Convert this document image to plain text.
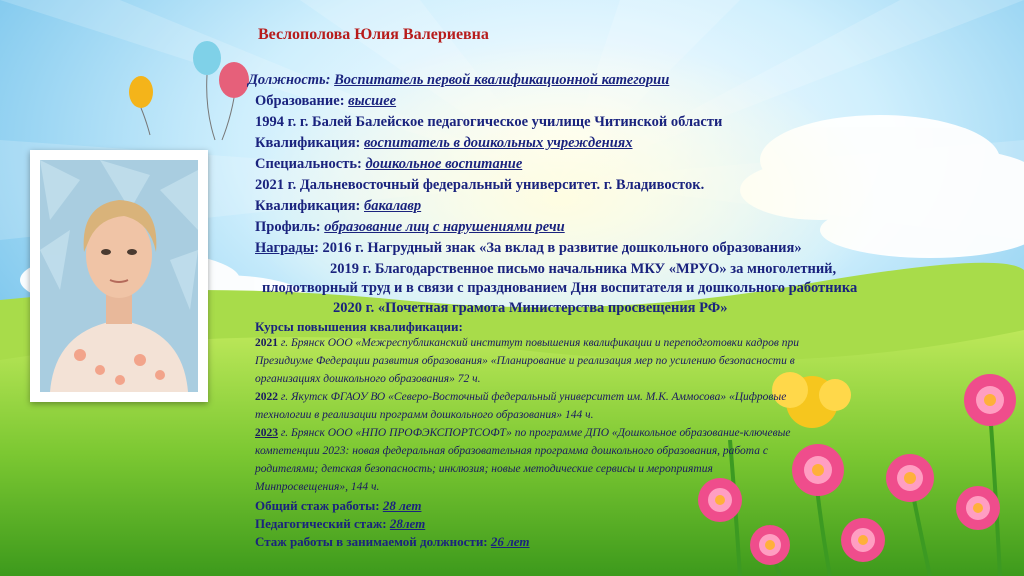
Веслополова Юлия Валериевна
Должность: Воспитатель первой квалификационной категории
Образование: высшее
1994 г. г. Балей Балейское педагогическое училище Читинской области
Квалификация: воспитатель в дошкольных учреждениях
Специальность: дошкольное воспитание
2021 г. Дальневосточный федеральный университет. г. Владивосток.
Квалификация: бакалавр
Профиль: образование лиц с нарушениями речи
Награды: 2016 г. Нагрудный знак «За вклад в развитие дошкольного образования»
2019 г. Благодарственное письмо начальника МКУ «МРУО» за многолетний,
плодотворный труд и в связи с празднованием Дня воспитателя и дошкольного работника
2020 г. «Почетная грамота Министерства просвещения РФ»
Курсы повышения квалификации:
2021 г. Брянск ООО «Межреспубликанский институт повышения квалификации и переподготовки кадров при
Президиуме Федерации развития образования» «Планирование и реализация мер по усилению безопасности в
организациях дошкольного образования» 72 ч.
2022 г. Якутск ФГАОУ ВО «Северо-Восточный федеральный университет им. М.К. Аммосова» «Цифровые
технологии в реализации программ дошкольного образования» 144 ч.
2023 г. Брянск ООО «НПО ПРОФЭКСПОРТСОФТ» по программе ДПО «Дошкольное образование-ключевые
компетенции 2023: новая федеральная образовательная программа дошкольного образования, работа с
родителями; детская безопасность; инклюзия; новые методические сервисы и мероприятия
Минпросвещения», 144 ч.
Общий стаж работы: 28 лет
Педагогический стаж: 28лет
Стаж работы в занимаемой должности: 26 лет
